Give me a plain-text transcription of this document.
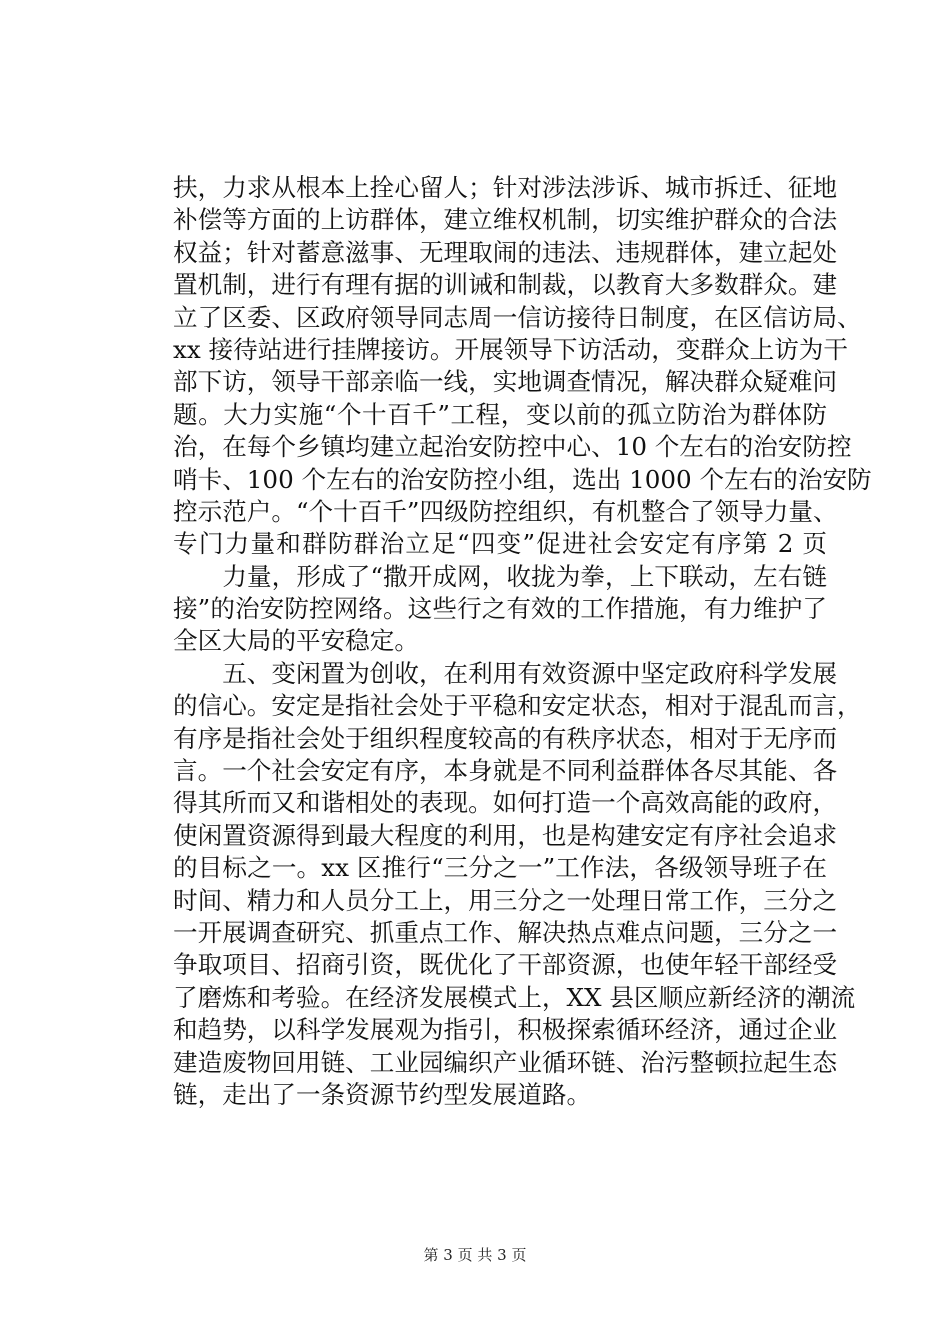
扶，力求从根本上拴心留人；针对涉法涉诉、城市拆迁、征地
补偿等方面的上访群体，建立维权机制，切实维护群众的合法
权益；针对蓄意滋事、无理取闹的违法、违规群体，建立起处
置机制，进行有理有据的训诫和制裁，以教育大多数群众。建
立了区委、区政府领导同志周一信访接待日制度，在区信访局、
xx 接待站进行挂牌接访。开展领导下访活动，变群众上访为干
部下访，领导干部亲临一线，实地调查情况，解决群众疑难问
题。大力实施“个十百千”工程，变以前的孤立防治为群体防
治，在每个乡镇均建立起治安防控中心、10 个左右的治安防控
哨卡、100 个左右的治安防控小组，选出 1000 个左右的治安防
控示范户。“个十百千”四级防控组织，有机整合了领导力量、
专门力量和群防群治立足“四变”促进社会安定有序第 2 页
　　力量，形成了“撒开成网，收拢为拳，上下联动，左右链
接”的治安防控网络。这些行之有效的工作措施，有力维护了
全区大局的平安稳定。
　　五、变闲置为创收，在利用有效资源中坚定政府科学发展
的信心。安定是指社会处于平稳和安定状态，相对于混乱而言，
有序是指社会处于组织程度较高的有秩序状态，相对于无序而
言。一个社会安定有序，本身就是不同利益群体各尽其能、各
得其所而又和谐相处的表现。如何打造一个高效高能的政府，
使闲置资源得到最大程度的利用，也是构建安定有序社会追求
的目标之一。xx 区推行“三分之一”工作法，各级领导班子在
时间、精力和人员分工上，用三分之一处理日常工作，三分之
一开展调查研究、抓重点工作、解决热点难点问题，三分之一
争取项目、招商引资，既优化了干部资源，也使年轻干部经受
了磨炼和考验。在经济发展模式上，XX 县区顺应新经济的潮流
和趋势，以科学发展观为指引，积极探索循环经济，通过企业
建造废物回用链、工业园编织产业循环链、治污整顿拉起生态
链，走出了一条资源节约型发展道路。
第 3 页 共 3 页
